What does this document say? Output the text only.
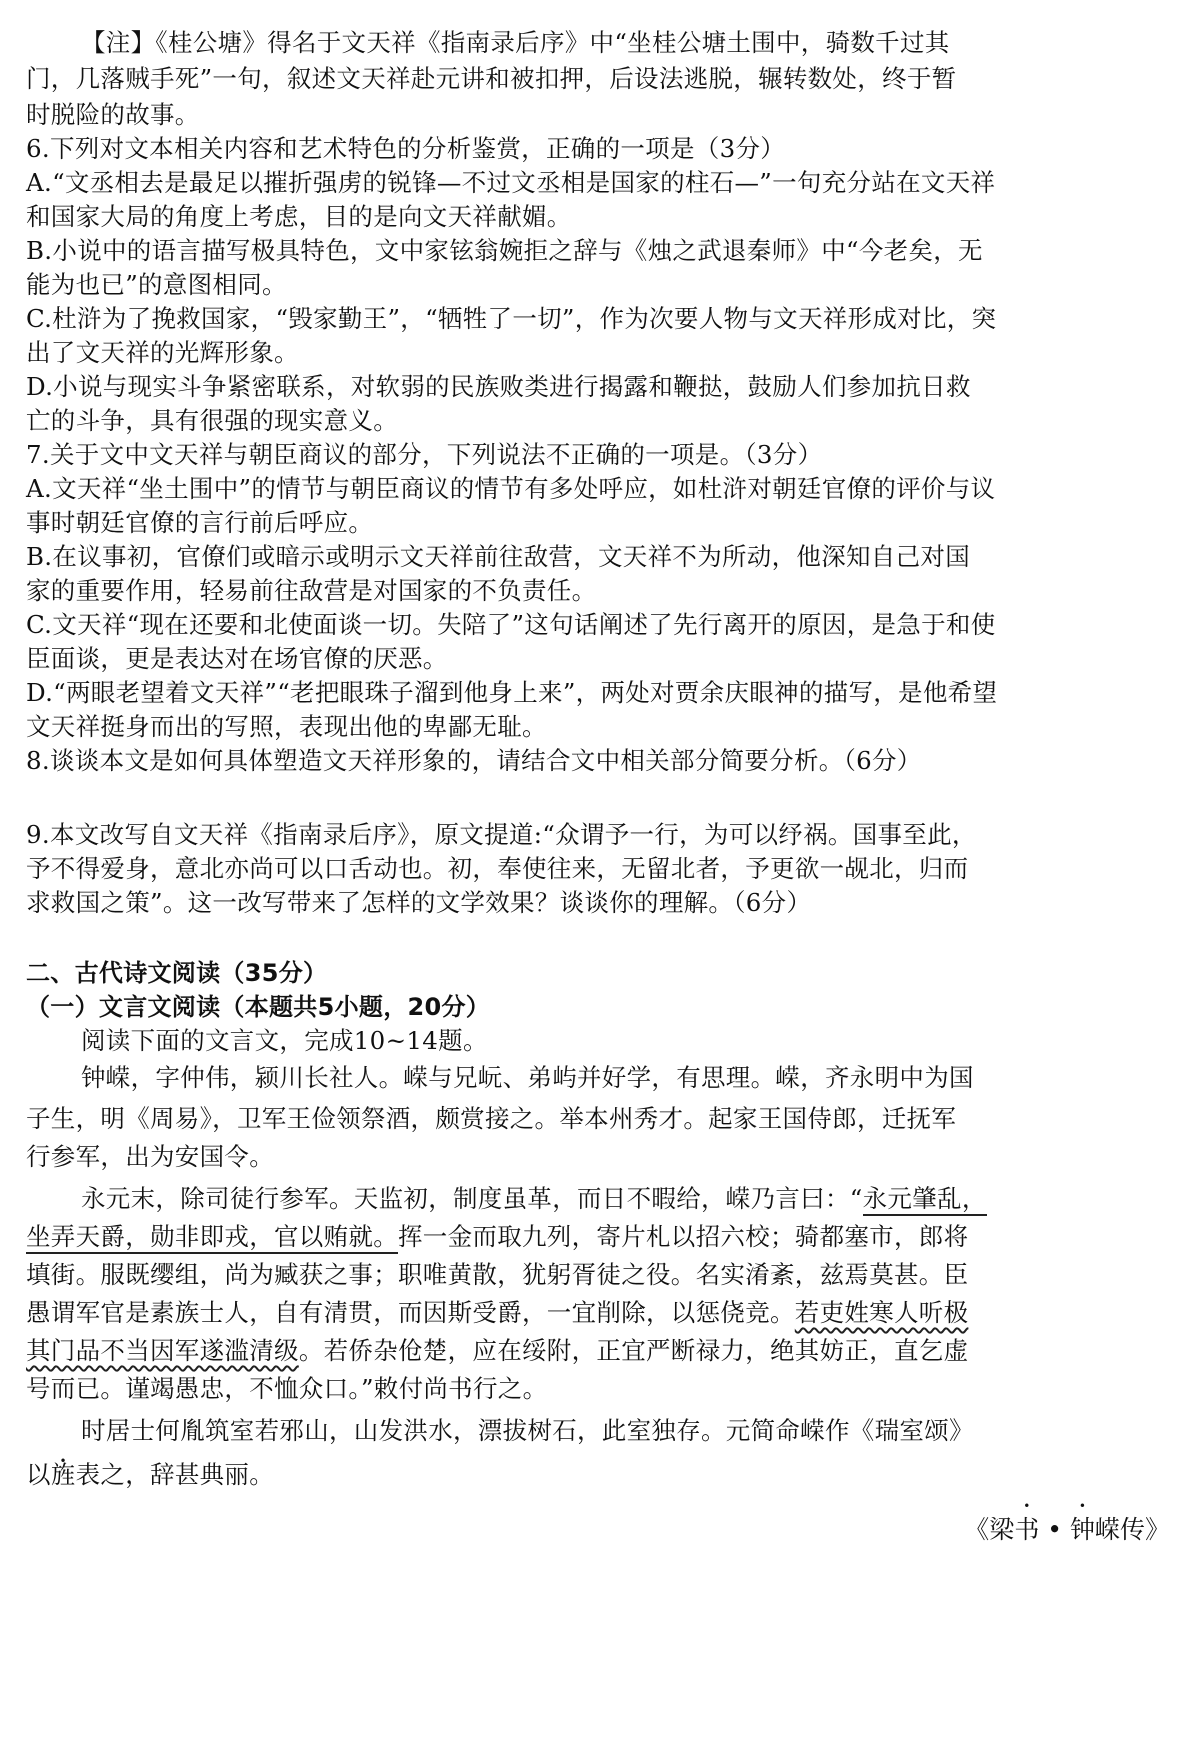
【注】《桂公塘》得名于文天祥《指南录后序》中“坐桂公塘土围中，骑数千过其
门，几落贼手死”一句，叙述文天祥赴元讲和被扣押，后设法逃脱，辗转数处，终于暂
时脱险的故事。
6.下列对文本相关内容和艺术特色的分析鉴赏，正确的一项是（3分）
A.“文丞相去是最足以摧折强虏的锐锋—不过文丞相是国家的柱石—”一句充分站在文天祥
和国家大局的角度上考虑，目的是向文天祥献媚。
B.小说中的语言描写极具特色，文中家铉翁婉拒之辞与《烛之武退秦师》中“今老矣，无
能为也已”的意图相同。
C.杜浒为了挽救国家，“毁家勤王”，“牺牲了一切”，作为次要人物与文天祥形成对比，突
出了文天祥的光辉形象。
D.小说与现实斗争紧密联系，对软弱的民族败类进行揭露和鞭挞，鼓励人们参加抗日救
亡的斗争，具有很强的现实意义。
7.关于文中文天祥与朝臣商议的部分，下列说法不正确的一项是。（3分）
A.文天祥“坐土围中”的情节与朝臣商议的情节有多处呼应，如杜浒对朝廷官僚的评价与议
事时朝廷官僚的言行前后呼应。
B.在议事初，官僚们或暗示或明示文天祥前往敌营，文天祥不为所动，他深知自己对国
家的重要作用，轻易前往敌营是对国家的不负责任。
C.文天祥“现在还要和北使面谈一切。失陪了”这句话阐述了先行离开的原因，是急于和使
臣面谈，更是表达对在场官僚的厌恶。
D.“两眼老望着文天祥”“老把眼珠子溜到他身上来”，两处对贾余庆眼神的描写，是他希望
文天祥挺身而出的写照，表现出他的卑鄙无耻。
8.谈谈本文是如何具体塑造文天祥形象的，请结合文中相关部分简要分析。（6分）
9.本文改写自文天祥《指南录后序》，原文提道:“众谓予一行，为可以纾祸。国事至此，
予不得爱身，意北亦尚可以口舌动也。初，奉使往来，无留北者，予更欲一觇北，归而
求救国之策”。这一改写带来了怎样的文学效果？谈谈你的理解。（6分）
二、古代诗文阅读（35分）
（一）文言文阅读（本题共5小题，20分）
阅读下面的文言文，完成10~14题。
钟嵘，字仲伟，颍川长社人。嵘与兄岏、弟屿并好学，有思理。嵘，齐永明中为国
子生，明《周易》，卫军王俭领祭酒，颇赏接之。举本州秀才。起家王国侍郎，迁抚军
行参军，出为安国令。
永元末，除司徒行参军。天监初，制度虽革，而日不暇给，嵘乃言曰：“永元肇乱，
坐弄天爵，勋非即戎，官以贿就。挥一金而取九列，寄片札以招六校；骑都塞市，郎将
填街。服既缨组，尚为臧获之事；职唯黄散，犹躬胥徒之役。名实淆紊，兹焉莫甚。臣
愚谓军官是素族士人，自有清贯，而因斯受爵，一宜削除，以惩侥竞。若吏姓寒人听极
其门品不当因军遂滥清级。若侨杂伧楚，应在绥附，正宜严断禄力，绝其妨正，直乞虚
号而已。谨竭愚忠，不恤众口。”敕付尚书行之。
时居士何胤筑室若邪山，山发洪水，漂拔树石，此室独存。元简命嵘作《瑞室颂》
以旌表之，辞甚典丽。
《梁书 • 钟嵘传》
